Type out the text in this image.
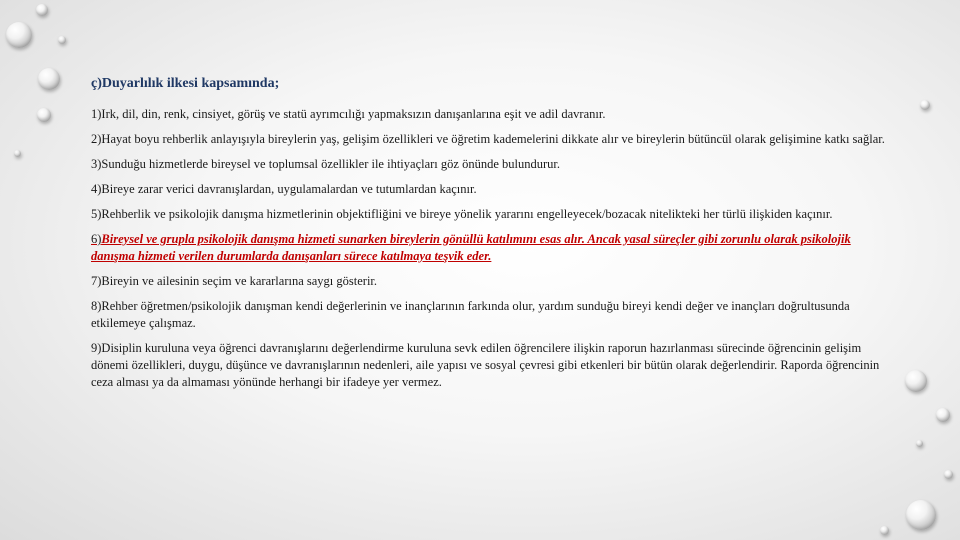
ç)Duyarlılık ilkesi kapsamında;

1)Irk, dil, din, renk, cinsiyet, görüş ve statü ayrımcılığı yapmaksızın danışanlarına eşit ve adil davranır.

2)Hayat boyu rehberlik anlayışıyla bireylerin yaş, gelişim özellikleri ve öğretim kademelerini dikkate alır ve bireylerin bütüncül olarak gelişimine katkı sağlar.

3)Sunduğu hizmetlerde bireysel ve toplumsal özellikler ile ihtiyaçları göz önünde bulundurur.

4)Bireye zarar verici davranışlardan, uygulamalardan ve tutumlardan kaçınır.

5)Rehberlik ve psikolojik danışma hizmetlerinin objektifliğini ve bireye yönelik yararını engelleyecek/bozacak nitelikteki her türlü ilişkiden kaçınır.

6)Bireysel ve grupla psikolojik danışma hizmeti sunarken bireylerin gönüllü katılımını esas alır. Ancak yasal süreçler gibi zorunlu olarak psikolojik danışma hizmeti verilen durumlarda danışanları sürece katılmaya teşvik eder.

7)Bireyin ve ailesinin seçim ve kararlarına saygı gösterir.

8)Rehber öğretmen/psikolojik danışman kendi değerlerinin ve inançlarının farkında olur, yardım sunduğu bireyi kendi değer ve inançları doğrultusunda etkilemeye çalışmaz.

9)Disiplin kuruluna veya öğrenci davranışlarını değerlendirme kuruluna sevk edilen öğrencilere ilişkin raporun hazırlanması sürecinde öğrencinin gelişim dönemi özellikleri, duygu, düşünce ve davranışlarının nedenleri, aile yapısı ve sosyal çevresi gibi etkenleri bir bütün olarak değerlendirir. Raporda öğrencinin ceza alması ya da almaması yönünde herhangi bir ifadeye yer vermez.
